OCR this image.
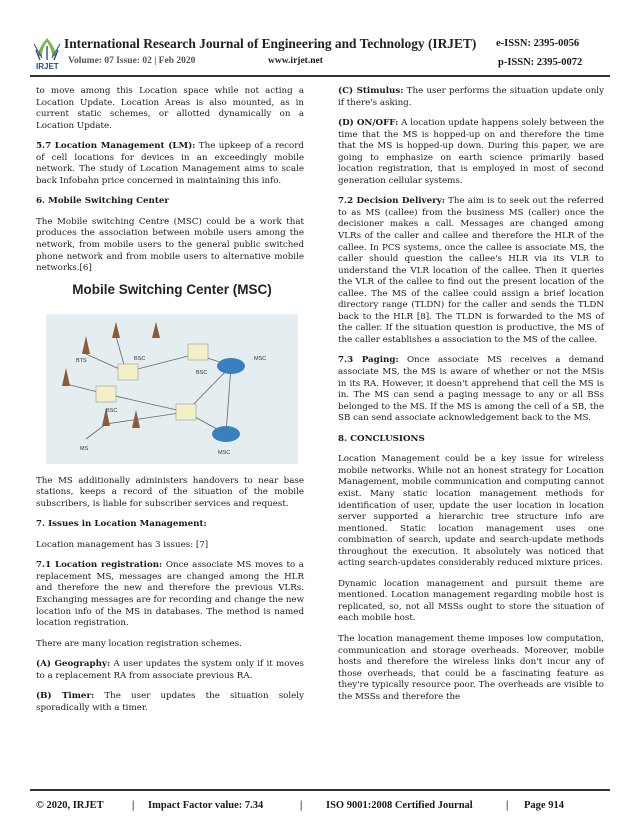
IRJET
International Research Journal of Engineering and Technology (IRJET) e-ISSN: 2395-0056
Volume: 07 Issue: 02 | Feb 2020	www.irjet.net	p-ISSN: 2395-0072

to move among this Location space while not acting a Location Update. Location Areas is also mounted, as in current static schemes, or allotted dynamically on a Location Update.

5.7 Location Management (LM): The upkeep of a record of cell locations for devices in an exceedingly mobile network. The study of Location Management aims to scale back Infobahn price concerned in maintaining this info.

6. Mobile Switching Center

The Mobile switching Centre (MSC) could be a work that produces the association between mobile users among the network, from mobile users to the general public switched phone network and from mobile users to alternative mobile networks.[6]

Mobile Switching Center (MSC)
BSC
BSC
BSC
MSC
MSC
BTS
MS

The MS additionally administers handovers to near base stations, keeps a record of the situation of the mobile subscribers, is liable for subscriber services and request.

7. Issues in Location Management:

Location management has 3 issues: [7]

7.1 Location registration: Once associate MS moves to a replacement MS, messages are changed among the HLR and therefore the new and therefore the previous VLRs. Exchanging messages are for recording and change the new location info of the MS in databases. The method is named location registration.

There are many location registration schemes.

(A) Geography: A user updates the system only if it moves to a replacement RA from associate previous RA.

(B) Timer: The user updates the situation solely sporadically with a timer.

(C) Stimulus: The user performs the situation update only if there's asking.

(D) ON/OFF: A location update happens solely between the time that the MS is hopped-up on and therefore the time that the MS is hopped-up down. During this paper, we are going to emphasize on earth science primarily based location registration, that is employed in most of second generation cellular systems.

7.2 Decision Delivery: The aim is to seek out the referred to as MS (callee) from the business MS (caller) once the decisioner makes a call. Messages are changed among VLRs of the caller and callee and therefore the HLR of the callee. In PCS systems, once the callee is associate MS, the caller should question the callee's HLR via its VLR to understand the VLR location of the callee. Then it queries the VLR of the callee to find out the present location of the callee. The MS of the callee could assign a brief location directory range (TLDN) for the caller and sends the TLDN back to the HLR [8]. The TLDN is forwarded to the MS of the caller. If the situation question is productive, the MS of the caller establishes a association to the MS of the callee.

7.3 Paging: Once associate MS receives a demand associate MS, the MS is aware of whether or not the MSis in its RA. However, it doesn't apprehend that cell the MS is in. The MS can send a paging message to any or all BSs belonged to the MS. If the MS is among the cell of a SB, the SB can send associate acknowledgement back to the MS.

8. CONCLUSIONS

Location Management could be a key issue for wireless mobile networks. While not an honest strategy for Location Management, mobile communication and computing cannot exist. Many static location management methods for identification of user, update the user location in location server supported a hierarchic tree structure info are mentioned. Static location management uses one combination of search, update and search-update methods throughout the execution. It absolutely was noticed that acting search-updates considerably reduced mixture prices.

Dynamic location management and pursuit theme are mentioned. Location management regarding mobile host is replicated, so, not all MSSs ought to store the situation of each mobile host.

The location management theme imposes low computation, communication and storage overheads. Moreover, mobile hosts and therefore the wireless links don't incur any of those overheads, that could be a fascinating feature as they're typically resource poor. The overheads are visible to the MSSs and therefore the

© 2020, IRJET	| Impact Factor value: 7.34	| ISO 9001:2008 Certified Journal	| Page 914
